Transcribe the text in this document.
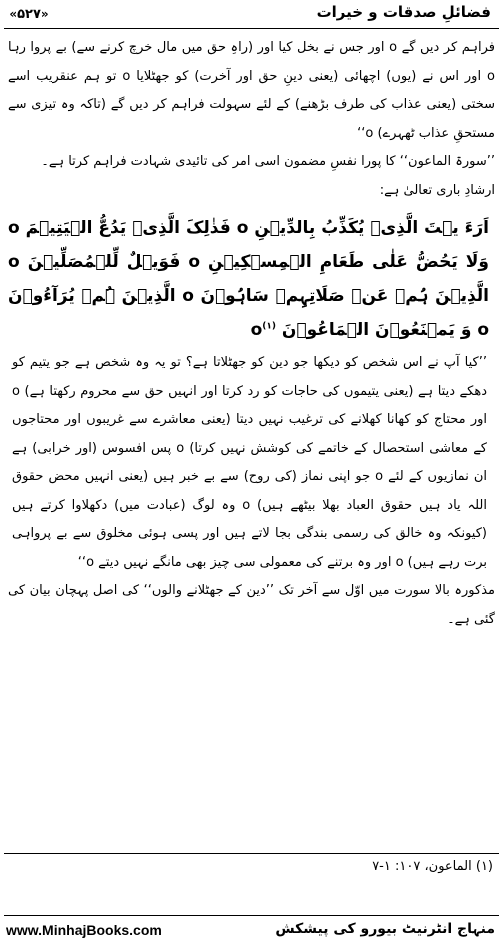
«
۵۲۷
»	فضائلِ صدقات و خیرات

فراہم کر دیں گے o اور جس نے بخل کیا اور (راہِ حق میں مال خرچ کرنے سے) بے پروا رہا o اور اس نے (یوں) اچھائی (یعنی دینِ حق اور آخرت) کو جھٹلایا o تو ہم عنقریب اسے سختی (یعنی عذاب کی طرف بڑھنے) کے لئے سہولت فراہم کر دیں گے (تاکہ وہ تیزی سے مستحقِ عذاب ٹھہرے) o‘‘

’’سورۃ الماعون‘‘ کا پورا نفسِ مضمون اسی امر کی تائیدی شہادت فراہم کرتا ہے۔

ارشادِ باری تعالیٰ ہے:

اَرَءَ یۡتَ الَّذِیۡ یُکَذِّبُ بِالدِّیۡنِ o فَذٰلِکَ الَّذِیۡ یَدُعُّ الۡیَتِیۡمَ o وَلَا یَحُضُّ عَلٰی طَعَامِ الۡمِسۡکِیۡنِ o فَوَیۡلٌ لِّلۡمُصَلِّیۡنَ o الَّذِیۡنَ ہُمۡ عَنۡ صَلَاتِہِمۡ سَاہُوۡنَ o الَّذِیۡنَ ہُمۡ یُرَآءُوۡنَ o وَ یَمۡنَعُوۡنَ الۡمَاعُوۡنَ $o^{(۱)}$

’’کیا آپ نے اس شخص کو دیکھا جو دین کو جھٹلاتا ہے؟ تو یہ وہ شخص ہے جو یتیم کو دھکے دیتا ہے (یعنی یتیموں کی حاجات کو رد کرتا اور انہیں حق سے محروم رکھتا ہے) o اور محتاج کو کھانا کھلانے کی ترغیب نہیں دیتا (یعنی معاشرے سے غریبوں اور محتاجوں کے معاشی استحصال کے خاتمے کی کوشش نہیں کرتا) o پس افسوس (اور خرابی) ہے ان نمازیوں کے لئے o جو اپنی نماز (کی روح) سے بے خبر ہیں (یعنی انہیں محض حقوق اللہ یاد ہیں حقوق العباد بھلا بیٹھے ہیں) o وہ لوگ (عبادت میں) دکھلاوا کرتے ہیں (کیونکہ وہ خالق کی رسمی بندگی بجا لاتے ہیں اور پسی ہوئی مخلوق سے بے پرواہی برت رہے ہیں) o اور وہ برتنے کی معمولی سی چیز بھی مانگے نہیں دیتے o‘‘

مذکورہ بالا سورت میں اوّل سے آخر تک ’’دین کے جھٹلانے والوں‘‘ کی اصل پہچان بیان کی گئی ہے۔

(۱) الماعون، ۱۰۷: ۱-۷
www.MinhajBooks.com	منہاج انٹرنیٹ بیورو کی پیشکش
